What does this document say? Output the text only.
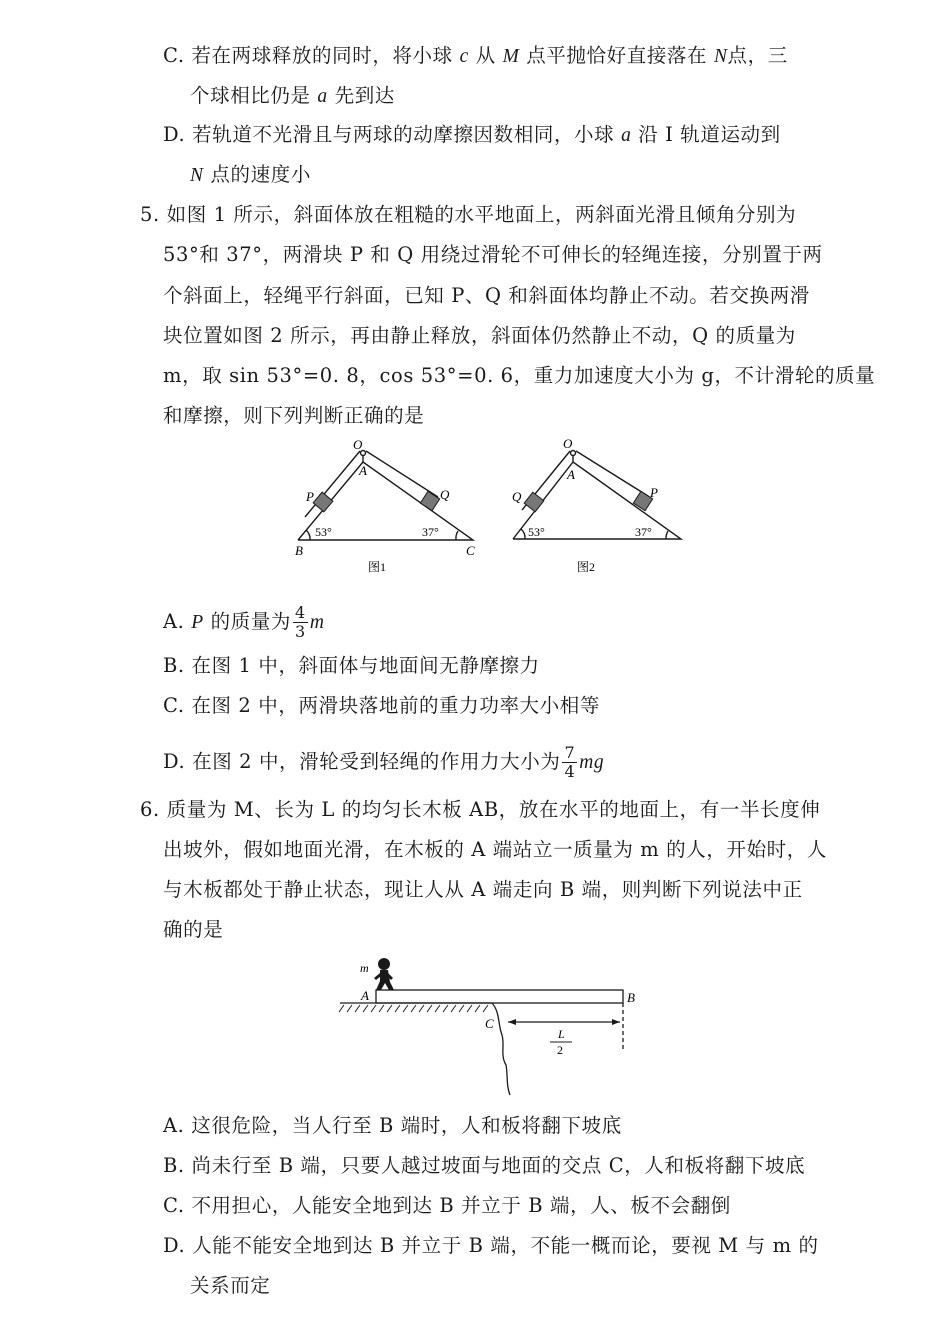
C. 若在两球释放的同时，将小球 c 从 M 点平抛恰好直接落在 N点，三
个球相比仍是 a 先到达
D. 若轨道不光滑且与两球的动摩擦因数相同，小球 a 沿 Ⅰ 轨道运动到
N 点的速度小
5. 如图 1 所示，斜面体放在粗糙的水平地面上，两斜面光滑且倾角分别为
53°和 37°，两滑块 P 和 Q 用绕过滑轮不可伸长的轻绳连接，分别置于两
个斜面上，轻绳平行斜面，已知 P、Q 和斜面体均静止不动。若交换两滑
块位置如图 2 所示，再由静止释放，斜面体仍然静止不动，Q 的质量为
m，取 sin 53°=0. 8，cos 53°=0. 6，重力加速度大小为 g，不计滑轮的质量
和摩擦，则下列判断正确的是
O
A
P	Q
B	C
53°	37°
图1
O
A
Q	P
53°	37°
图2
A. P 的质量为 $\frac{4}{3}$ m
B. 在图 1 中，斜面体与地面间无静摩擦力
C. 在图 2 中，两滑块落地前的重力功率大小相等
D. 在图 2 中，滑轮受到轻绳的作用力大小为 $\frac{7}{4}$ mg
6. 质量为 M、长为 L 的均匀长木板 AB，放在水平的地面上，有一半长度伸
出坡外，假如地面光滑，在木板的 A 端站立一质量为 m 的人，开始时，人
与木板都处于静止状态，现让人从 A 端走向 B 端，则判断下列说法中正
确的是
m
A	B
C
L
2
A. 这很危险，当人行至 B 端时，人和板将翻下坡底
B. 尚未行至 B 端，只要人越过坡面与地面的交点 C，人和板将翻下坡底
C. 不用担心，人能安全地到达 B 并立于 B 端，人、板不会翻倒
D. 人能不能安全地到达 B 并立于 B 端，不能一概而论，要视 M 与 m 的
关系而定
